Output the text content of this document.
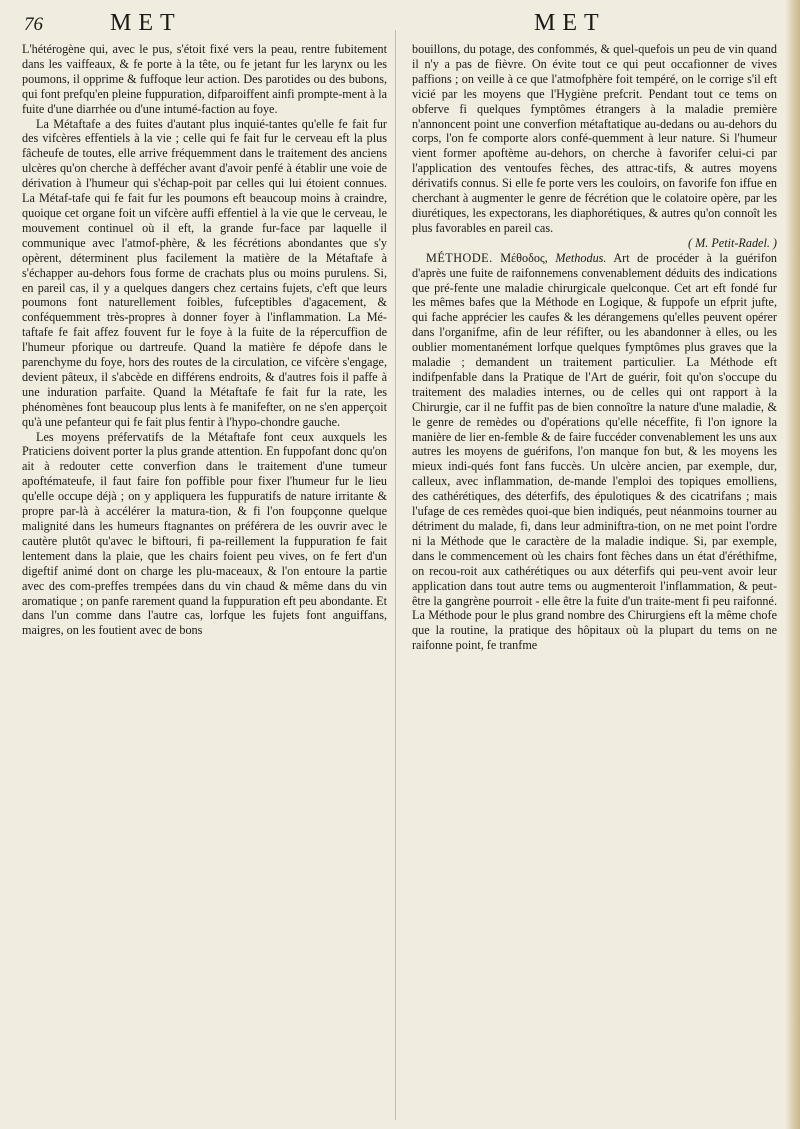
76	MET	MET

L'hétérogène qui, avec le pus, s'étoit fixé vers la peau, rentre fubitement dans les vaiffeaux, & fe porte à la tête, ou fe jetant fur les larynx ou les poumons, il opprime & fuffoque leur action. Des parotides ou des bubons, qui font prefqu'en pleine fuppuration, difparoiffent ainfi prompte-ment à la fuite d'une diarrhée ou d'une intumé-faction au foye.

La Métaftafe a des fuites d'autant plus inquié-tantes qu'elle fe fait fur des vifcères effentiels à la vie ; celle qui fe fait fur le cerveau eft la plus fâcheufe de toutes, elle arrive fréquemment dans le traitement des anciens ulcères qu'on cherche à deffécher avant d'avoir penfé à établir une voie de dérivation à l'humeur qui s'échap-poit par celles qui lui étoient connues. La Métaf-tafe qui fe fait fur les poumons eft beaucoup moins à craindre, quoique cet organe foit un vifcère auffi effentiel à la vie que le cerveau, le mouvement continuel où il eft, la grande fur-face par laquelle il communique avec l'atmof-phère, & les fécrétions abondantes que s'y opèrent, déterminent plus facilement la matière de la Métaftafe à s'échapper au-dehors fous forme de crachats plus ou moins purulens. Si, en pareil cas, il y a quelques dangers chez certains fujets, c'eft que leurs poumons font naturellement foibles, fufceptibles d'agacement, & conféquemment très-propres à donner foyer à l'inflammation. La Mé-taftafe fe fait affez fouvent fur le foye à la fuite de la répercuffion de l'humeur pforique ou dartreufe. Quand la matière fe dépofe dans le parenchyme du foye, hors des routes de la circulation, ce vifcère s'engage, devient pâteux, il s'abcède en différens endroits, & d'autres fois il paffe à une induration parfaite. Quand la Métaftafe fe fait fur la rate, les phénomènes font beaucoup plus lents à fe manifefter, on ne s'en apperçoit qu'à une pefanteur qui fe fait plus fentir à l'hypo-chondre gauche.

Les moyens préfervatifs de la Métaftafe font ceux auxquels les Praticiens doivent porter la plus grande attention. En fuppofant donc qu'on ait à redouter cette converfion dans le traitement d'une tumeur apoftémateufe, il faut faire fon poffible pour fixer l'humeur fur le lieu qu'elle occupe déjà ; on y appliquera les fuppuratifs de nature irritante & propre par-là à accélérer la matura-tion, & fi l'on foupçonne quelque malignité dans les humeurs ftagnantes on préférera de les ouvrir avec le cautère plutôt qu'avec le biftouri, fi pa-reillement la fuppuration fe fait lentement dans la plaie, que les chairs foient peu vives, on fe fert d'un digeftif animé dont on charge les plu-maceaux, & l'on entoure la partie avec des com-preffes trempées dans du vin chaud & même dans du vin aromatique ; on panfe rarement quand la fuppuration eft peu abondante. Et dans l'un comme dans l'autre cas, lorfque les fujets font anguiffans, maigres, on les foutient avec de bons

bouillons, du potage, des confommés, & quel-quefois un peu de vin quand il n'y a pas de fièvre. On évite tout ce qui peut occafionner de vives paffions ; on veille à ce que l'atmofphère foit tempéré, on le corrige s'il eft vicié par les moyens que l'Hygiène prefcrit. Pendant tout ce tems on obferve fi quelques fymptômes étrangers à la maladie première n'annoncent point une converfion métaftatique au-dedans ou au-dehors du corps, l'on fe comporte alors confé-quemment à leur nature. Si l'humeur vient former apoftème au-dehors, on cherche à favorifer celui-ci par l'application des ventoufes fèches, des attrac-tifs, & autres moyens dérivatifs connus. Si elle fe porte vers les couloirs, on favorife fon iffue en cherchant à augmenter le genre de fécrétion que le colatoire opère, par les diurétiques, les expectorans, les diaphorétiques, & autres qu'on connoît les plus favorables en pareil cas.

( M. Petit-Radel. )

MÉTHODE. Μέθοδος, Methodus. Art de procéder à la guérifon d'après une fuite de raifonnemens convenablement déduits des indications que pré-fente une maladie chirurgicale quelconque. Cet art eft fondé fur les mêmes bafes que la Méthode en Logique, & fuppofe un efprit jufte, qui fache apprécier les caufes & les dérangemens qu'elles peuvent opérer dans l'organifme, afin de leur réfifter, ou les abandonner à elles, ou les oublier momentanément lorfque quelques fymptômes plus graves que la maladie ; demandent un traitement particulier. La Méthode eft indifpenfable dans la Pratique de l'Art de guérir, foit qu'on s'occupe du traitement des maladies internes, ou de celles qui ont rapport à la Chirurgie, car il ne fuffit pas de bien connoître la nature d'une maladie, & le genre de remèdes ou d'opérations qu'elle néceffite, fi l'on ignore la manière de lier en-femble & de faire fuccéder convenablement les uns aux autres les moyens de guérifons, l'on manque fon but, & les moyens les mieux indi-qués font fans fuccès. Un ulcère ancien, par exemple, dur, calleux, avec inflammation, de-mande l'emploi des topiques emolliens, des cathérétiques, des déterfifs, des épulotiques & des cicatrifans ; mais l'ufage de ces remèdes quoi-que bien indiqués, peut néanmoins tourner au détriment du malade, fi, dans leur adminiftra-tion, on ne met point l'ordre ni la Méthode que le caractère de la maladie indique. Si, par exemple, dans le commencement où les chairs font fèches dans un état d'éréthifme, on recou-roit aux cathérétiques ou aux déterfifs qui peu-vent avoir leur application dans tout autre tems ou augmenteroit l'inflammation, & peut-être la gangrène pourroit - elle être la fuite d'un traite-ment fi peu raifonné. La Méthode pour le plus grand nombre des Chirurgiens eft la même chofe que la routine, la pratique des hôpitaux où la plupart du tems on ne raifonne point, fe tranfme
